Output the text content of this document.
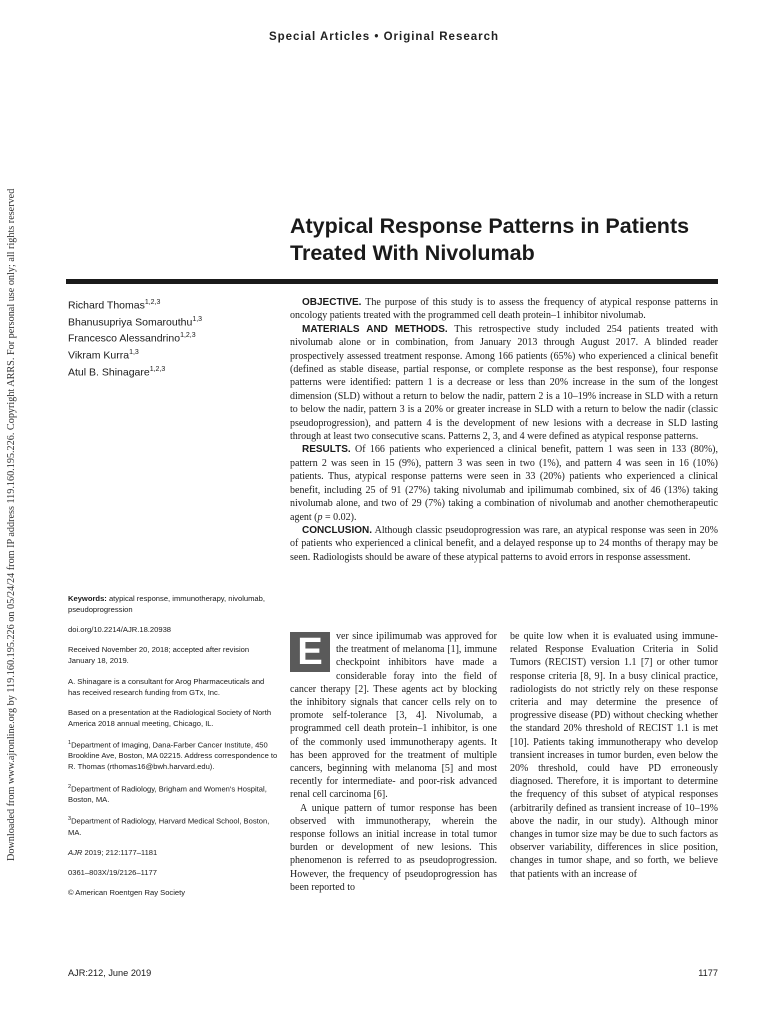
Downloaded from www.ajronline.org by 119.160.195.226 on 05/24/24 from IP address 119.160.195.226. Copyright ARRS. For personal use only; all rights reserved
Special Articles • Original Research
Atypical Response Patterns in Patients Treated With Nivolumab
Richard Thomas$^{1,2,3}$
Bhanusupriya Somarouthu$^{1,3}$
Francesco Alessandrino$^{1,2,3}$
Vikram Kurra$^{1,3}$
Atul B. Shinagare$^{1,2,3}$

OBJECTIVE. The purpose of this study is to assess the frequency of atypical response patterns in oncology patients treated with the programmed cell death protein–1 inhibitor nivolumab.

MATERIALS AND METHODS. This retrospective study included 254 patients treated with nivolumab alone or in combination, from January 2013 through August 2017. A blinded reader prospectively assessed treatment response. Among 166 patients (65%) who experienced a clinical benefit (defined as stable disease, partial response, or complete response as the best response), four response patterns were identified: pattern 1 is a decrease or less than 20% increase in the sum of the longest dimension (SLD) without a return to below the nadir, pattern 2 is a 10–19% increase in SLD with a return to below the nadir, pattern 3 is a 20% or greater increase in SLD with a return to below the nadir (classic pseudoprogression), and pattern 4 is the development of new lesions with a decrease in SLD lasting through at least two consecutive scans. Patterns 2, 3, and 4 were defined as atypical response patterns.

RESULTS. Of 166 patients who experienced a clinical benefit, pattern 1 was seen in 133 (80%), pattern 2 was seen in 15 (9%), pattern 3 was seen in two (1%), and pattern 4 was seen in 16 (10%) patients. Thus, atypical response patterns were seen in 33 (20%) patients who experienced a clinical benefit, including 25 of 91 (27%) taking nivolumab and ipilimumab combined, six of 46 (13%) taking nivolumab alone, and two of 29 (7%) taking a combination of nivolumab and another chemotherapeutic agent (p = 0.02).

CONCLUSION. Although classic pseudoprogression was rare, an atypical response was seen in 20% of patients who experienced a clinical benefit, and a delayed response up to 24 months of therapy may be seen. Radiologists should be aware of these atypical patterns to avoid errors in response assessment.

Keywords: atypical response, immunotherapy, nivolumab, pseudoprogression

doi.org/10.2214/AJR.18.20938

Received November 20, 2018; accepted after revision January 18, 2019.

A. Shinagare is a consultant for Arog Pharmaceuticals and has received research funding from GTx, Inc.

Based on a presentation at the Radiological Society of North America 2018 annual meeting, Chicago, IL.

$^1$Department of Imaging, Dana-Farber Cancer Institute, 450 Brookline Ave, Boston, MA 02215. Address correspondence to R. Thomas (rthomas16@bwh.harvard.edu).

$^2$Department of Radiology, Brigham and Women's Hospital, Boston, MA.

$^3$Department of Radiology, Harvard Medical School, Boston, MA.

AJR 2019; 212:1177–1181

0361–803X/19/2126–1177

© American Roentgen Ray Society

E	ver since ipilimumab was approved for the treatment of melanoma [1], immune checkpoint inhibitors have made a considerable foray into the field of cancer therapy [2]. These agents act by blocking the inhibitory signals that cancer cells rely on to promote self-tolerance [3, 4]. Nivolumab, a programmed cell death protein–1 inhibitor, is one of the commonly used immunotherapy agents. It has been approved for the treatment of multiple cancers, beginning with melanoma [5] and most recently for intermediate- and poor-risk advanced renal cell carcinoma [6].

A unique pattern of tumor response has been observed with immunotherapy, wherein the response follows an initial increase in total tumor burden or development of new lesions. This phenomenon is referred to as pseudoprogression. However, the frequency of pseudoprogression has been reported to

be quite low when it is evaluated using immune-related Response Evaluation Criteria in Solid Tumors (RECIST) version 1.1 [7] or other tumor response criteria [8, 9]. In a busy clinical practice, radiologists do not strictly rely on these response criteria and may determine the presence of progressive disease (PD) without checking whether the standard 20% threshold of RECIST 1.1 is met [10]. Patients taking immunotherapy who develop transient increases in tumor burden, even below the 20% threshold, could have PD erroneously diagnosed. Therefore, it is important to determine the frequency of this subset of atypical responses (arbitrarily defined as transient increase of 10–19% above the nadir, in our study). Although minor changes in tumor size may be due to such factors as observer variability, differences in slice position, changes in tumor shape, and so forth, we believe that patients with an increase of

AJR:212, June 2019	1177
